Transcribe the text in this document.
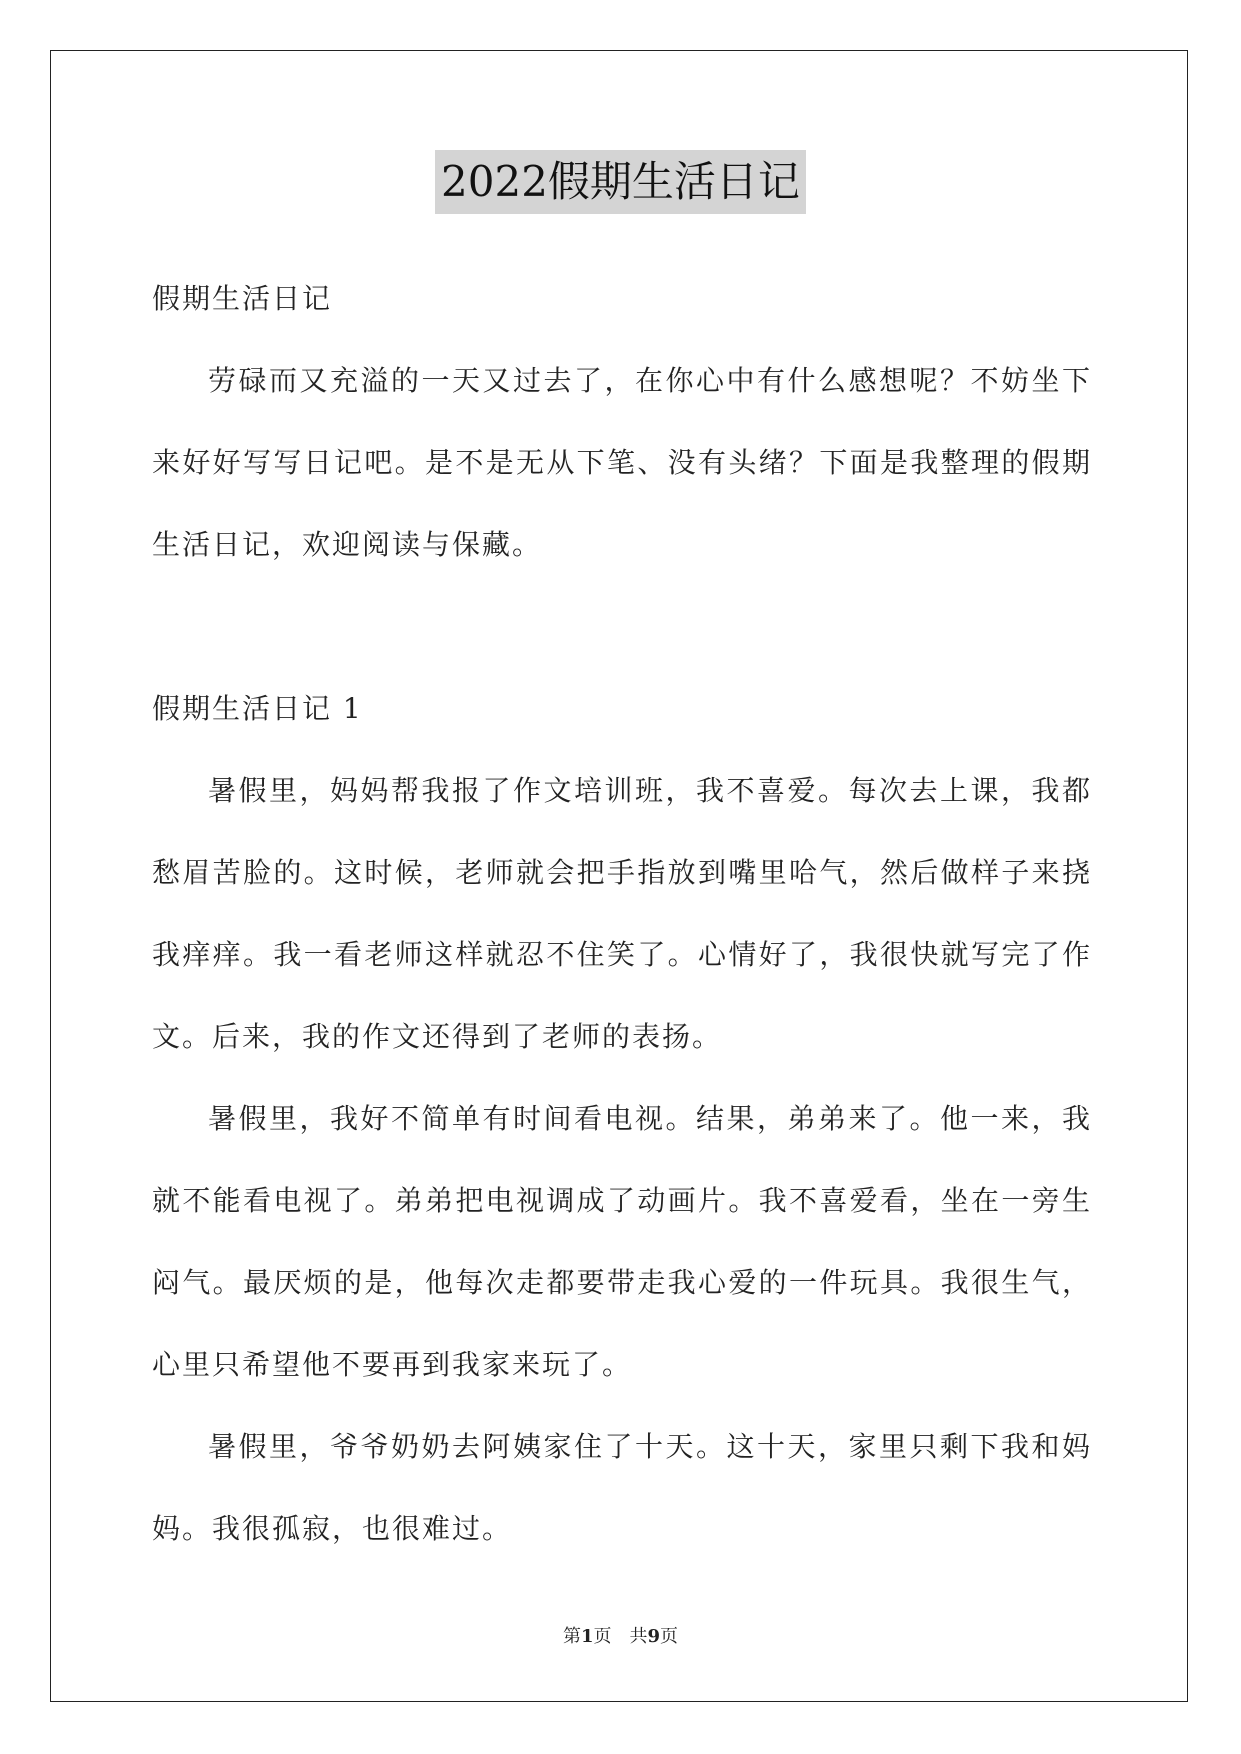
2022假期生活日记

假期生活日记

劳碌而又充溢的一天又过去了，在你心中有什么感想呢？不妨坐下来好好写写日记吧。是不是无从下笔、没有头绪？下面是我整理的假期生活日记，欢迎阅读与保藏。

假期生活日记 1

暑假里，妈妈帮我报了作文培训班，我不喜爱。每次去上课，我都愁眉苦脸的。这时候，老师就会把手指放到嘴里哈气，然后做样子来挠我痒痒。我一看老师这样就忍不住笑了。心情好了，我很快就写完了作文。后来，我的作文还得到了老师的表扬。

暑假里，我好不简单有时间看电视。结果，弟弟来了。他一来，我就不能看电视了。弟弟把电视调成了动画片。我不喜爱看，坐在一旁生闷气。最厌烦的是，他每次走都要带走我心爱的一件玩具。我很生气，心里只希望他不要再到我家来玩了。

暑假里，爷爷奶奶去阿姨家住了十天。这十天，家里只剩下我和妈妈。我很孤寂，也很难过。

第1页　共9页
